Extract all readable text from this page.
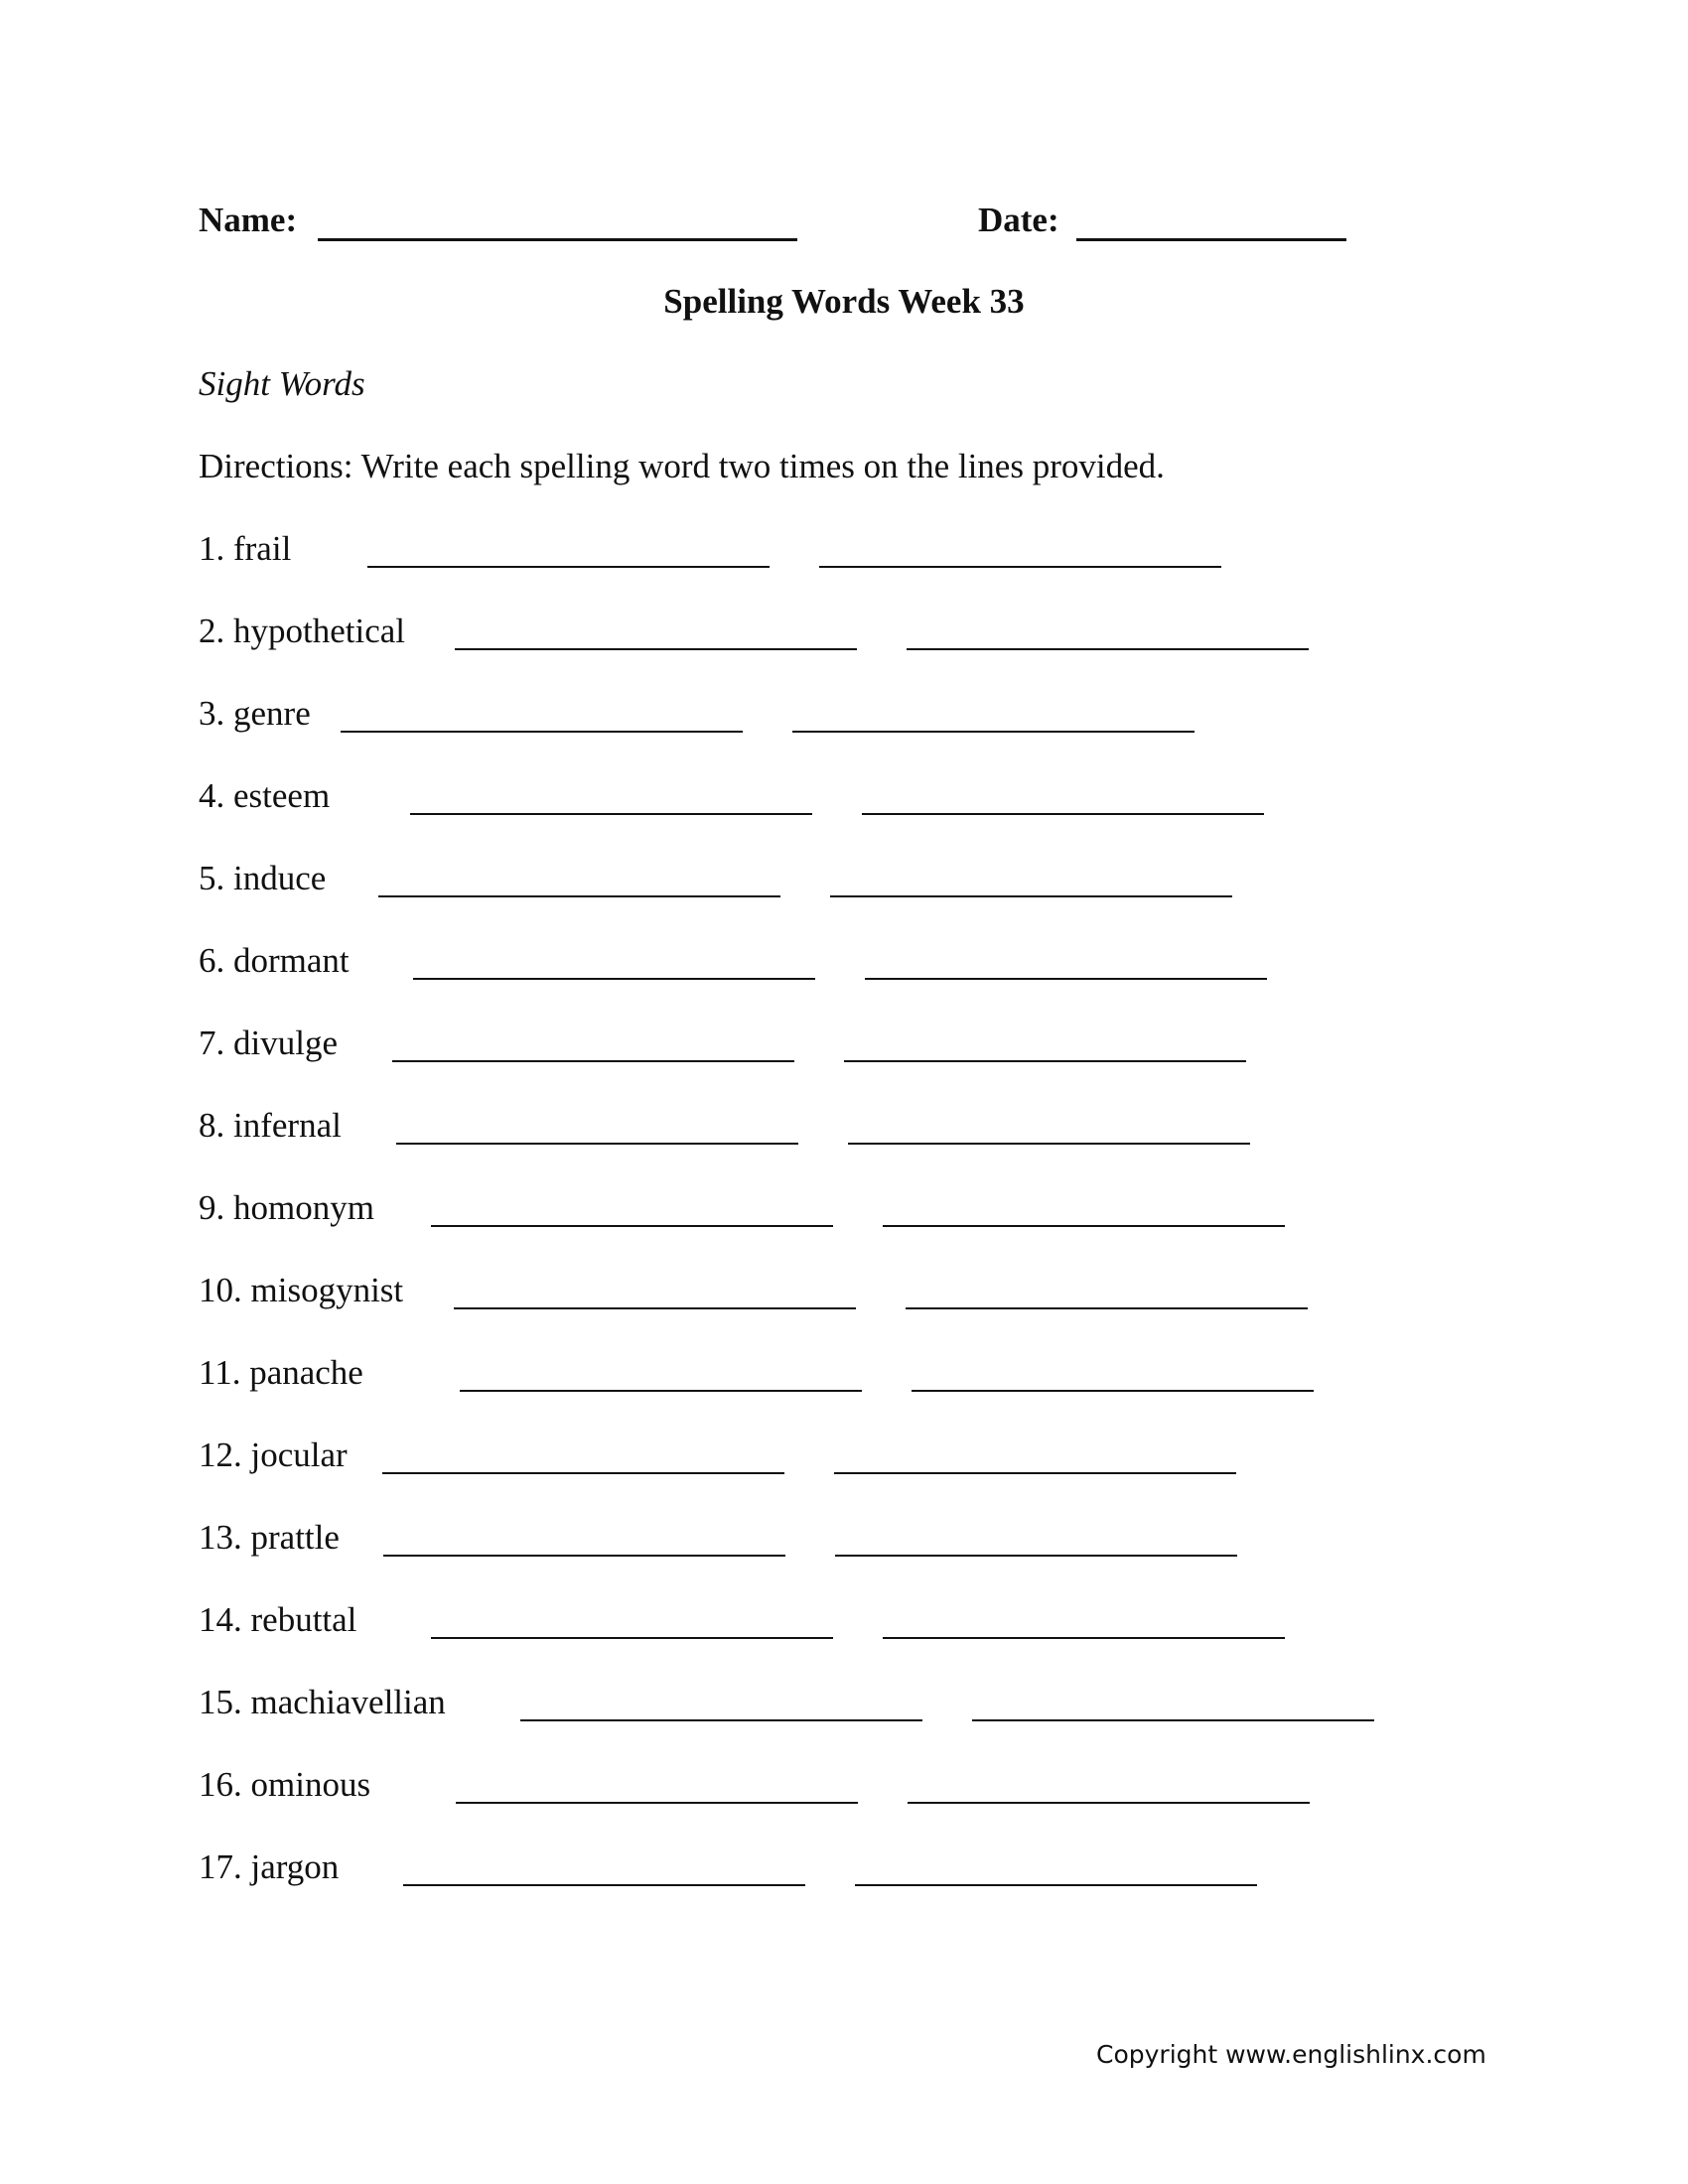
Name:	Date:
Spelling Words Week 33
Sight Words
Directions: Write each spelling word two times on the lines provided.
1. frail
2. hypothetical
3. genre
4. esteem
5. induce
6. dormant
7. divulge
8. infernal
9. homonym
10. misogynist
11. panache
12. jocular
13. prattle
14. rebuttal
15. machiavellian
16. ominous
17. jargon
Copyright www.englishlinx.com
